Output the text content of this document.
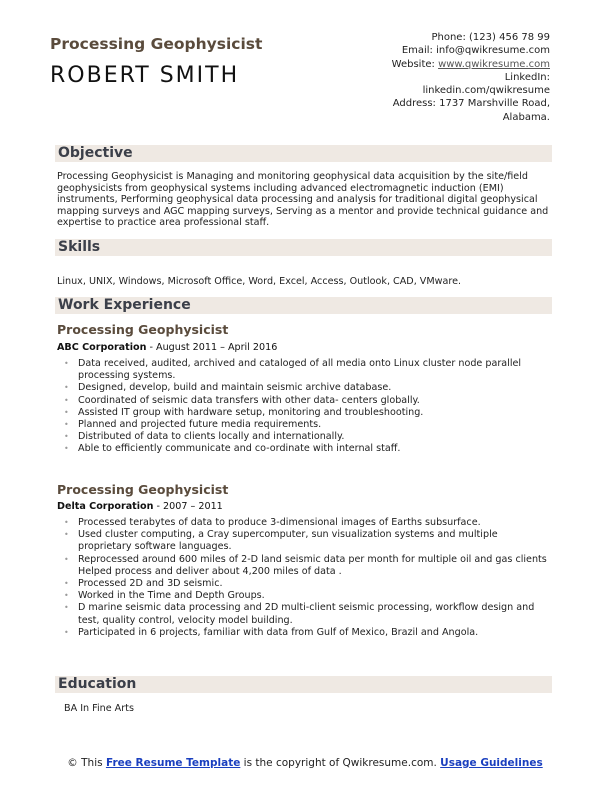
Processing Geophysicist
ROBERT SMITH
Phone: (123) 456 78 99
Email: info@qwikresume.com
Website: www.qwikresume.com
LinkedIn:
linkedin.com/qwikresume
Address: 1737 Marshville Road,
Alabama.
Objective
Processing Geophysicist is Managing and monitoring geophysical data acquisition by the site/field geophysicists from geophysical systems including advanced electromagnetic induction (EMI) instruments, Performing geophysical data processing and analysis for traditional digital geophysical mapping surveys and AGC mapping surveys, Serving as a mentor and provide technical guidance and expertise to practice area professional staff.
Skills
Linux, UNIX, Windows, Microsoft Office, Word, Excel, Access, Outlook, CAD, VMware.
Work Experience
Processing Geophysicist
ABC Corporation - August 2011 – April 2016
• Data received, audited, archived and cataloged of all media onto Linux cluster node parallel processing systems.
• Designed, develop, build and maintain seismic archive database.
• Coordinated of seismic data transfers with other data- centers globally.
• Assisted IT group with hardware setup, monitoring and troubleshooting.
• Planned and projected future media requirements.
• Distributed of data to clients locally and internationally.
• Able to efficiently communicate and co-ordinate with internal staff.
Processing Geophysicist
Delta Corporation - 2007 – 2011
• Processed terabytes of data to produce 3-dimensional images of Earths subsurface.
• Used cluster computing, a Cray supercomputer, sun visualization systems and multiple proprietary software languages.
• Reprocessed around 600 miles of 2-D land seismic data per month for multiple oil and gas clients Helped process and deliver about 4,200 miles of data .
• Processed 2D and 3D seismic.
• Worked in the Time and Depth Groups.
• D marine seismic data processing and 2D multi-client seismic processing, workflow design and test, quality control, velocity model building.
• Participated in 6 projects, familiar with data from Gulf of Mexico, Brazil and Angola.
Education
BA In Fine Arts
© This Free Resume Template is the copyright of Qwikresume.com. Usage Guidelines
